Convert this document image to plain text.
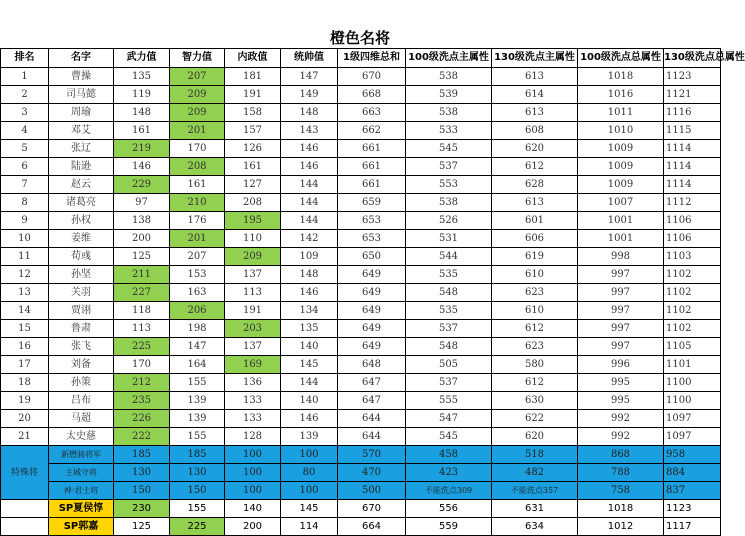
橙色名将
排名	名字	武力值	智力值	内政值	统帅值	1级四维总和	100级洗点主属性	130级洗点主属性	100级洗点总属性	130级洗点总属性
1	曹操	135	207	181	147	670	538	613	1018	1123
2	司马懿	119	209	191	149	668	539	614	1016	1121
3	周瑜	148	209	158	148	663	538	613	1011	1116
4	邓艾	161	201	157	143	662	533	608	1010	1115
5	张辽	219	170	126	146	661	545	620	1009	1114
6	陆逊	146	208	161	146	661	537	612	1009	1114
7	赵云	229	161	127	144	661	553	628	1009	1114
8	诸葛亮	97	210	208	144	659	538	613	1007	1112
9	孙权	138	176	195	144	653	526	601	1001	1106
10	姜维	200	201	110	142	653	531	606	1001	1106
11	荀彧	125	207	209	109	650	544	619	998	1103
12	孙坚	211	153	137	148	649	535	610	997	1102
13	关羽	227	163	113	146	649	548	623	997	1102
14	贾诩	118	206	191	134	649	535	610	997	1102
15	鲁肃	113	198	203	135	649	537	612	997	1102
16	张飞	225	147	137	140	649	548	623	997	1105
17	刘备	170	164	169	145	648	505	580	996	1101
18	孙策	212	155	136	144	647	537	612	995	1100
19	吕布	235	139	133	140	647	555	630	995	1100
20	马超	226	139	133	146	644	547	622	992	1097
21	太史慈	222	155	128	139	644	545	620	992	1097
特殊将	新懋骑将军	185	185	100	100	570	458	518	868	958
	主城守将	130	130	100	80	470	423	482	788	884
	神·君士将	150	150	100	100	500	不能洗点309	不能洗点357	758	837
	SP夏侯惇	230	155	140	145	670	556	631	1018	1123
	SP郭嘉	125	225	200	114	664	559	634	1012	1117
